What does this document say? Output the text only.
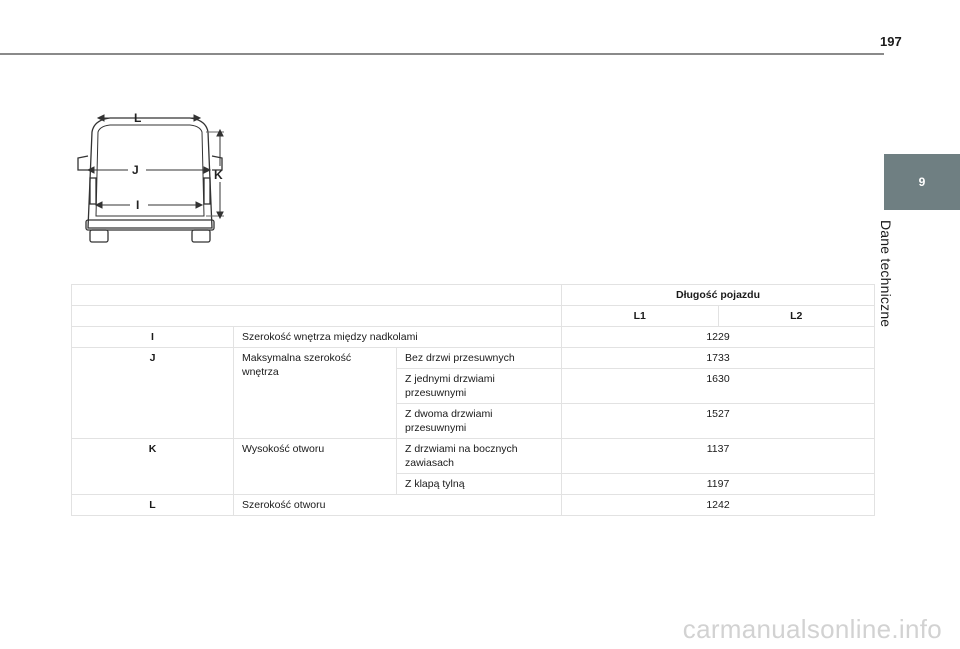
197
9
Dane techniczne
L
J
I
K
			Długość pojazdu	
			L1	L2
I	Szerokość wnętrza między nadkolami		1229	
J	Maksymalna szerokość wnętrza	Bez drzwi przesuwnych	1733	
		Z jednymi drzwiami przesuwnymi	1630	
		Z dwoma drzwiami przesuwnymi	1527	
K	Wysokość otworu	Z drzwiami na bocznych zawiasach	1137	
		Z klapą tylną	1197	
L	Szerokość otworu		1242	
carmanualsonline.info
